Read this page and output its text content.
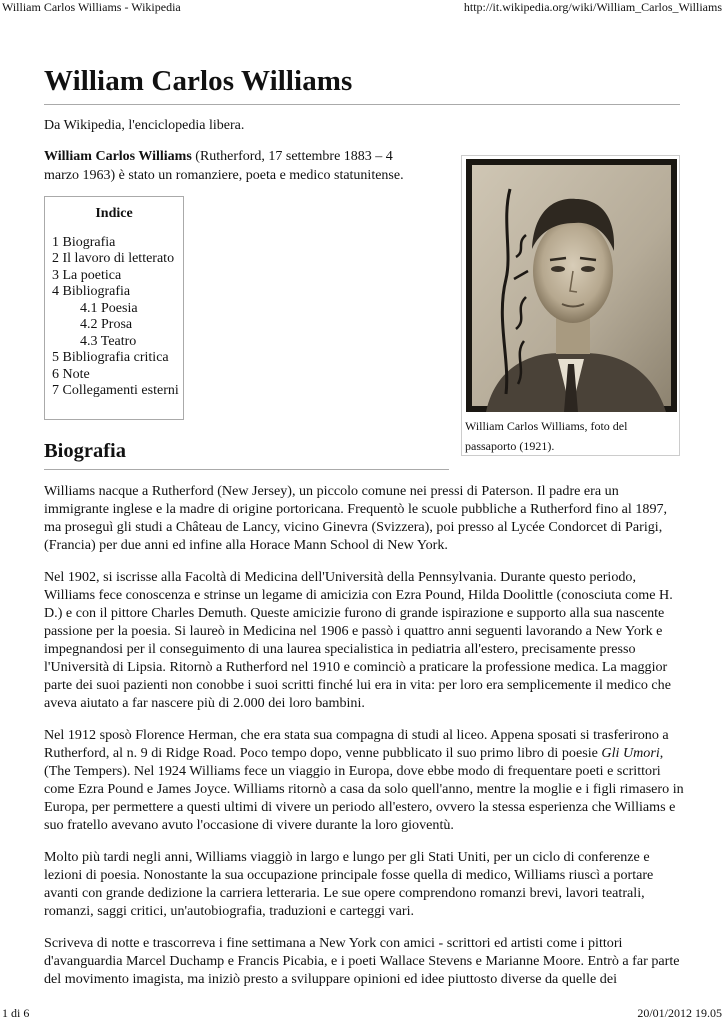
William Carlos Williams - Wikipedia	http://it.wikipedia.org/wiki/William_Carlos_Williams
William Carlos Williams
Da Wikipedia, l'enciclopedia libera.
William Carlos Williams (Rutherford, 17 settembre 1883 – 4 marzo 1963) è stato un romanziere, poeta e medico statunitense.
Indice
1 Biografia
2 Il lavoro di letterato
3 La poetica
4 Bibliografia
4.1 Poesia
4.2 Prosa
4.3 Teatro
5 Bibliografia critica
6 Note
7 Collegamenti esterni
William Carlos Williams, foto del passaporto (1921).
Biografia

Williams nacque a Rutherford (New Jersey), un piccolo comune nei pressi di Paterson. Il padre era un immigrante inglese e la madre di origine portoricana. Frequentò le scuole pubbliche a Rutherford fino al 1897, ma proseguì gli studi a Château de Lancy, vicino Ginevra (Svizzera), poi presso al Lycée Condorcet di Parigi, (Francia) per due anni ed infine alla Horace Mann School di New York.

Nel 1902, si iscrisse alla Facoltà di Medicina dell'Università della Pennsylvania. Durante questo periodo, Williams fece conoscenza e strinse un legame di amicizia con Ezra Pound, Hilda Doolittle (conosciuta come H. D.) e con il pittore Charles Demuth. Queste amicizie furono di grande ispirazione e supporto alla sua nascente passione per la poesia. Si laureò in Medicina nel 1906 e passò i quattro anni seguenti lavorando a New York e impegnandosi per il conseguimento di una laurea specialistica in pediatria all'estero, precisamente presso l'Università di Lipsia. Ritornò a Rutherford nel 1910 e cominciò a praticare la professione medica. La maggior parte dei suoi pazienti non conobbe i suoi scritti finché lui era in vita: per loro era semplicemente il medico che aveva aiutato a far nascere più di 2.000 dei loro bambini.

Nel 1912 sposò Florence Herman, che era stata sua compagna di studi al liceo. Appena sposati si trasferirono a Rutherford, al n. 9 di Ridge Road. Poco tempo dopo, venne pubblicato il suo primo libro di poesie Gli Umori, (The Tempers). Nel 1924 Williams fece un viaggio in Europa, dove ebbe modo di frequentare poeti e scrittori come Ezra Pound e James Joyce. Williams ritornò a casa da solo quell'anno, mentre la moglie e i figli rimasero in Europa, per permettere a questi ultimi di vivere un periodo all'estero, ovvero la stessa esperienza che Williams e suo fratello avevano avuto l'occasione di vivere durante la loro gioventù.

Molto più tardi negli anni, Williams viaggiò in largo e lungo per gli Stati Uniti, per un ciclo di conferenze e lezioni di poesia. Nonostante la sua occupazione principale fosse quella di medico, Williams riuscì a portare avanti con grande dedizione la carriera letteraria. Le sue opere comprendono romanzi brevi, lavori teatrali, romanzi, saggi critici, un'autobiografia, traduzioni e carteggi vari.

Scriveva di notte e trascorreva i fine settimana a New York con amici - scrittori ed artisti come i pittori d'avanguardia Marcel Duchamp e Francis Picabia, e i poeti Wallace Stevens e Marianne Moore. Entrò a far parte del movimento imagista, ma iniziò presto a sviluppare opinioni ed idee piuttosto diverse da quelle dei

1 di 6	20/01/2012 19.05
